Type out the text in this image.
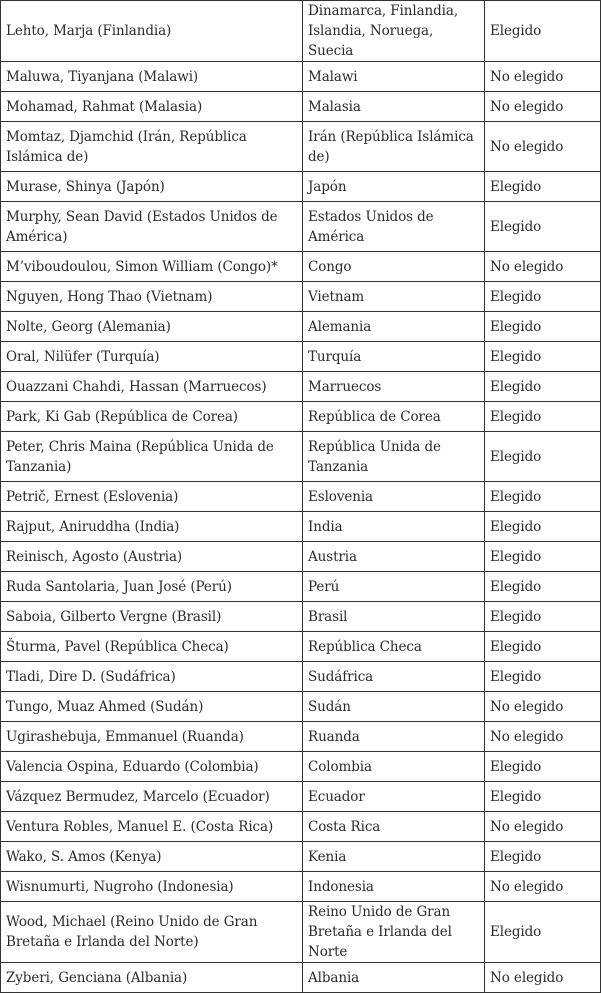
Lehto, Marja (Finlandia)	Dinamarca, Finlandia, Islandia, Noruega, Suecia	Elegido
Maluwa, Tiyanjana (Malawi)	Malawi	No elegido
Mohamad, Rahmat (Malasia)	Malasia	No elegido
Momtaz, Djamchid (Irán, República Islámica de)	Irán (República Islámica de)	No elegido
Murase, Shinya (Japón)	Japón	Elegido
Murphy, Sean David (Estados Unidos de América)	Estados Unidos de América	Elegido
M’viboudoulou, Simon William (Congo)*	Congo	No elegido
Nguyen, Hong Thao (Vietnam)	Vietnam	Elegido
Nolte, Georg (Alemania)	Alemania	Elegido
Oral, Nilüfer (Turquía)	Turquía	Elegido
Ouazzani Chahdi, Hassan (Marruecos)	Marruecos	Elegido
Park, Ki Gab (República de Corea)	República de Corea	Elegido
Peter, Chris Maina (República Unida de Tanzania)	República Unida de Tanzania	Elegido
Petrič, Ernest (Eslovenia)	Eslovenia	Elegido
Rajput, Aniruddha (India)	India	Elegido
Reinisch, Agosto (Austria)	Austria	Elegido
Ruda Santolaria, Juan José (Perú)	Perú	Elegido
Saboia, Gilberto Vergne (Brasil)	Brasil	Elegido
Šturma, Pavel (República Checa)	República Checa	Elegido
Tladi, Dire D. (Sudáfrica)	Sudáfrica	Elegido
Tungo, Muaz Ahmed (Sudán)	Sudán	No elegido
Ugirashebuja, Emmanuel (Ruanda)	Ruanda	No elegido
Valencia Ospina, Eduardo (Colombia)	Colombia	Elegido
Vázquez Bermudez, Marcelo (Ecuador)	Ecuador	Elegido
Ventura Robles, Manuel E. (Costa Rica)	Costa Rica	No elegido
Wako, S. Amos (Kenya)	Kenia	Elegido
Wisnumurti, Nugroho (Indonesia)	Indonesia	No elegido
Wood, Michael (Reino Unido de Gran Bretaña e Irlanda del Norte)	Reino Unido de Gran Bretaña e Irlanda del Norte	Elegido
Zyberi, Genciana (Albania)	Albania	No elegido
